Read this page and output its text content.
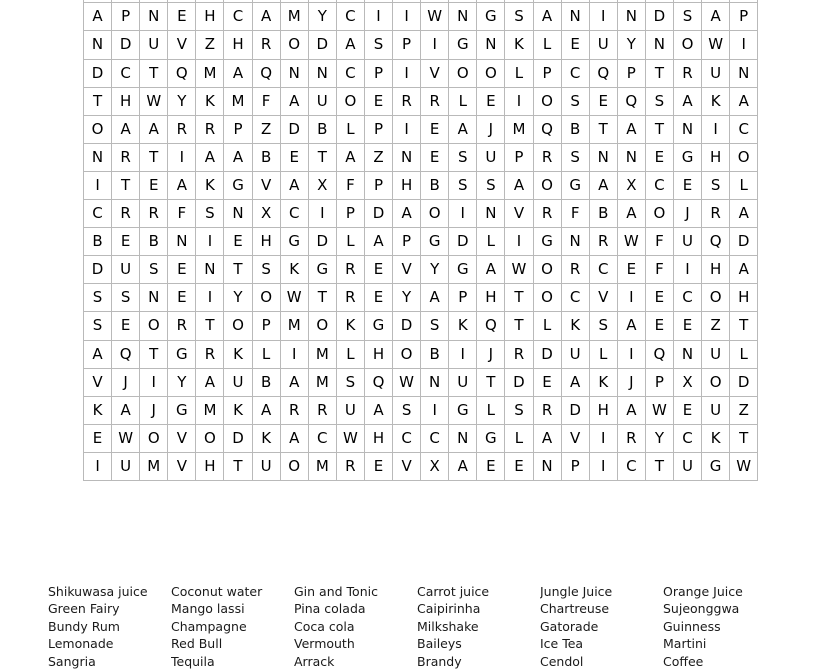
A	P	N	E	H	C	A	M	Y	C	I	I	W	N	G	S	A	N	I	N	D	S	A	P
N	D	U	V	Z	H	R	O	D	A	S	P	I	G	N	K	L	E	U	Y	N	O	W	I
D	C	T	Q	M	A	Q	N	N	C	P	I	V	O	O	L	P	C	Q	P	T	R	U	N
T	H	W	Y	K	M	F	A	U	O	E	R	R	L	E	I	O	S	E	Q	S	A	K	A
O	A	A	R	R	P	Z	D	B	L	P	I	E	A	J	M	Q	B	T	A	T	N	I	C
N	R	T	I	A	A	B	E	T	A	Z	N	E	S	U	P	R	S	N	N	E	G	H	O
I	T	E	A	K	G	V	A	X	F	P	H	B	S	S	A	O	G	A	X	C	E	S	L
C	R	R	F	S	N	X	C	I	P	D	A	O	I	N	V	R	F	B	A	O	J	R	A
B	E	B	N	I	E	H	G	D	L	A	P	G	D	L	I	G	N	R	W	F	U	Q	D
D	U	S	E	N	T	S	K	G	R	E	V	Y	G	A	W	O	R	C	E	F	I	H	A
S	S	N	E	I	Y	O	W	T	R	E	Y	A	P	H	T	O	C	V	I	E	C	O	H
S	E	O	R	T	O	P	M	O	K	G	D	S	K	Q	T	L	K	S	A	E	E	Z	T
A	Q	T	G	R	K	L	I	M	L	H	O	B	I	J	R	D	U	L	I	Q	N	U	L
V	J	I	Y	A	U	B	A	M	S	Q	W	N	U	T	D	E	A	K	J	P	X	O	D
K	A	J	G	M	K	A	R	R	U	A	S	I	G	L	S	R	D	H	A	W	E	U	Z
E	W	O	V	O	D	K	A	C	W	H	C	C	N	G	L	A	V	I	R	Y	C	K	T
I	U	M	V	H	T	U	O	M	R	E	V	X	A	E	E	N	P	I	C	T	U	G	W
Shikuwasa juice	Coconut water	Gin and Tonic	Carrot juice	Jungle Juice	Orange Juice
Green Fairy	Mango lassi	Pina colada	Caipirinha	Chartreuse	Sujeonggwa
Bundy Rum	Champagne	Coca cola	Milkshake	Gatorade	Guinness
Lemonade	Red Bull	Vermouth	Baileys	Ice Tea	Martini
Sangria	Tequila	Arrack	Brandy	Cendol	Coffee
